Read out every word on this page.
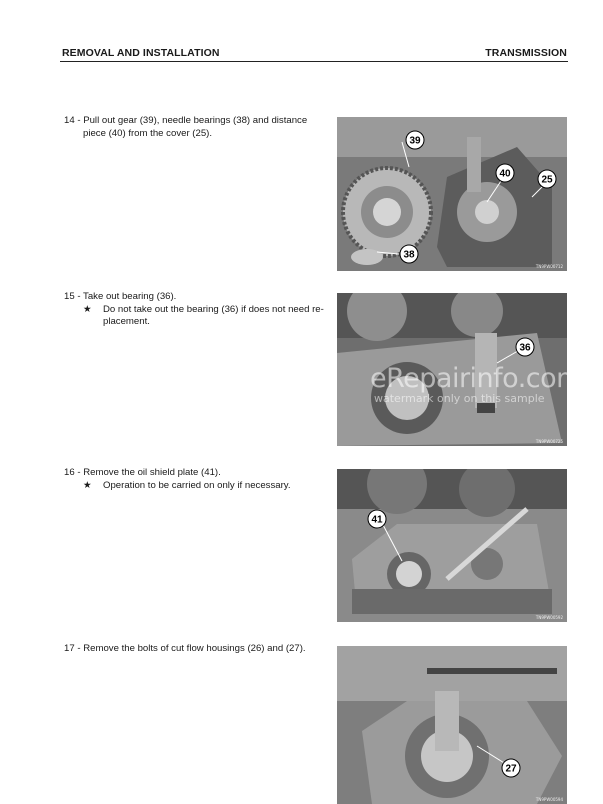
REMOVAL AND INSTALLATION	TRANSMISSION
14 - Pull out gear (39), needle bearings (38) and distance
piece (40) from the cover (25).
15 - Take out bearing (36).
★	Do not take out the bearing (36) if does not need re-
placement.
16 - Remove the oil shield plate (41).
★	Operation to be carried on only if necessary.
17 - Remove the bolts of cut flow housings (26) and (27).
39
40
25
38
TN9PW00712
36
TN9PW00725
41
TN9PW00592
27
TN9PW00594
eRepairinfo.com
watermark only on this sample
